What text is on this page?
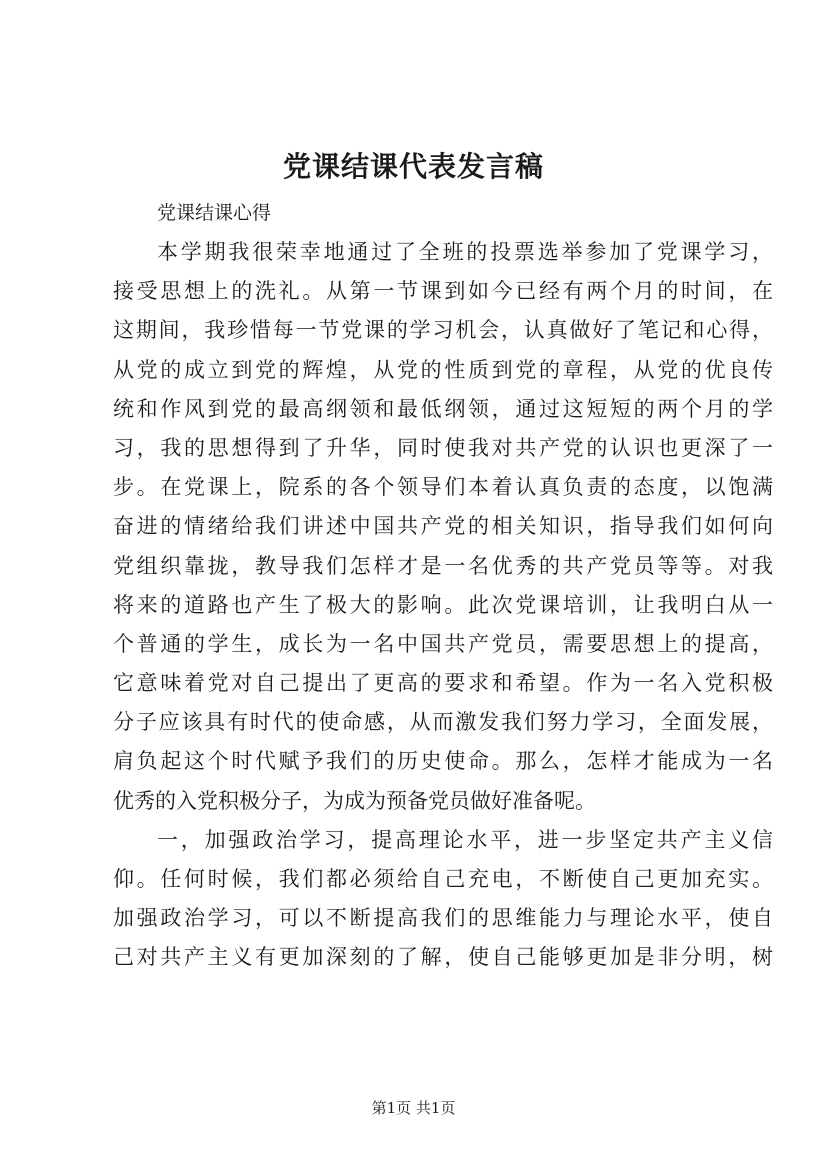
党课结课代表发言稿
党课结课心得
本学期我很荣幸地通过了全班的投票选举参加了党课学习，
接受思想上的洗礼。从第一节课到如今已经有两个月的时间，在
这期间，我珍惜每一节党课的学习机会，认真做好了笔记和心得，
从党的成立到党的辉煌，从党的性质到党的章程，从党的优良传
统和作风到党的最高纲领和最低纲领，通过这短短的两个月的学
习，我的思想得到了升华，同时使我对共产党的认识也更深了一
步。在党课上，院系的各个领导们本着认真负责的态度，以饱满
奋进的情绪给我们讲述中国共产党的相关知识，指导我们如何向
党组织靠拢，教导我们怎样才是一名优秀的共产党员等等。对我
将来的道路也产生了极大的影响。此次党课培训，让我明白从一
个普通的学生，成长为一名中国共产党员，需要思想上的提高，
它意味着党对自己提出了更高的要求和希望。作为一名入党积极
分子应该具有时代的使命感，从而激发我们努力学习，全面发展，
肩负起这个时代赋予我们的历史使命。那么，怎样才能成为一名
优秀的入党积极分子，为成为预备党员做好准备呢。
一，加强政治学习，提高理论水平，进一步坚定共产主义信
仰。任何时候，我们都必须给自己充电，不断使自己更加充实。
加强政治学习，可以不断提高我们的思维能力与理论水平，使自
己对共产主义有更加深刻的了解，使自己能够更加是非分明，树
第1页 共1页
